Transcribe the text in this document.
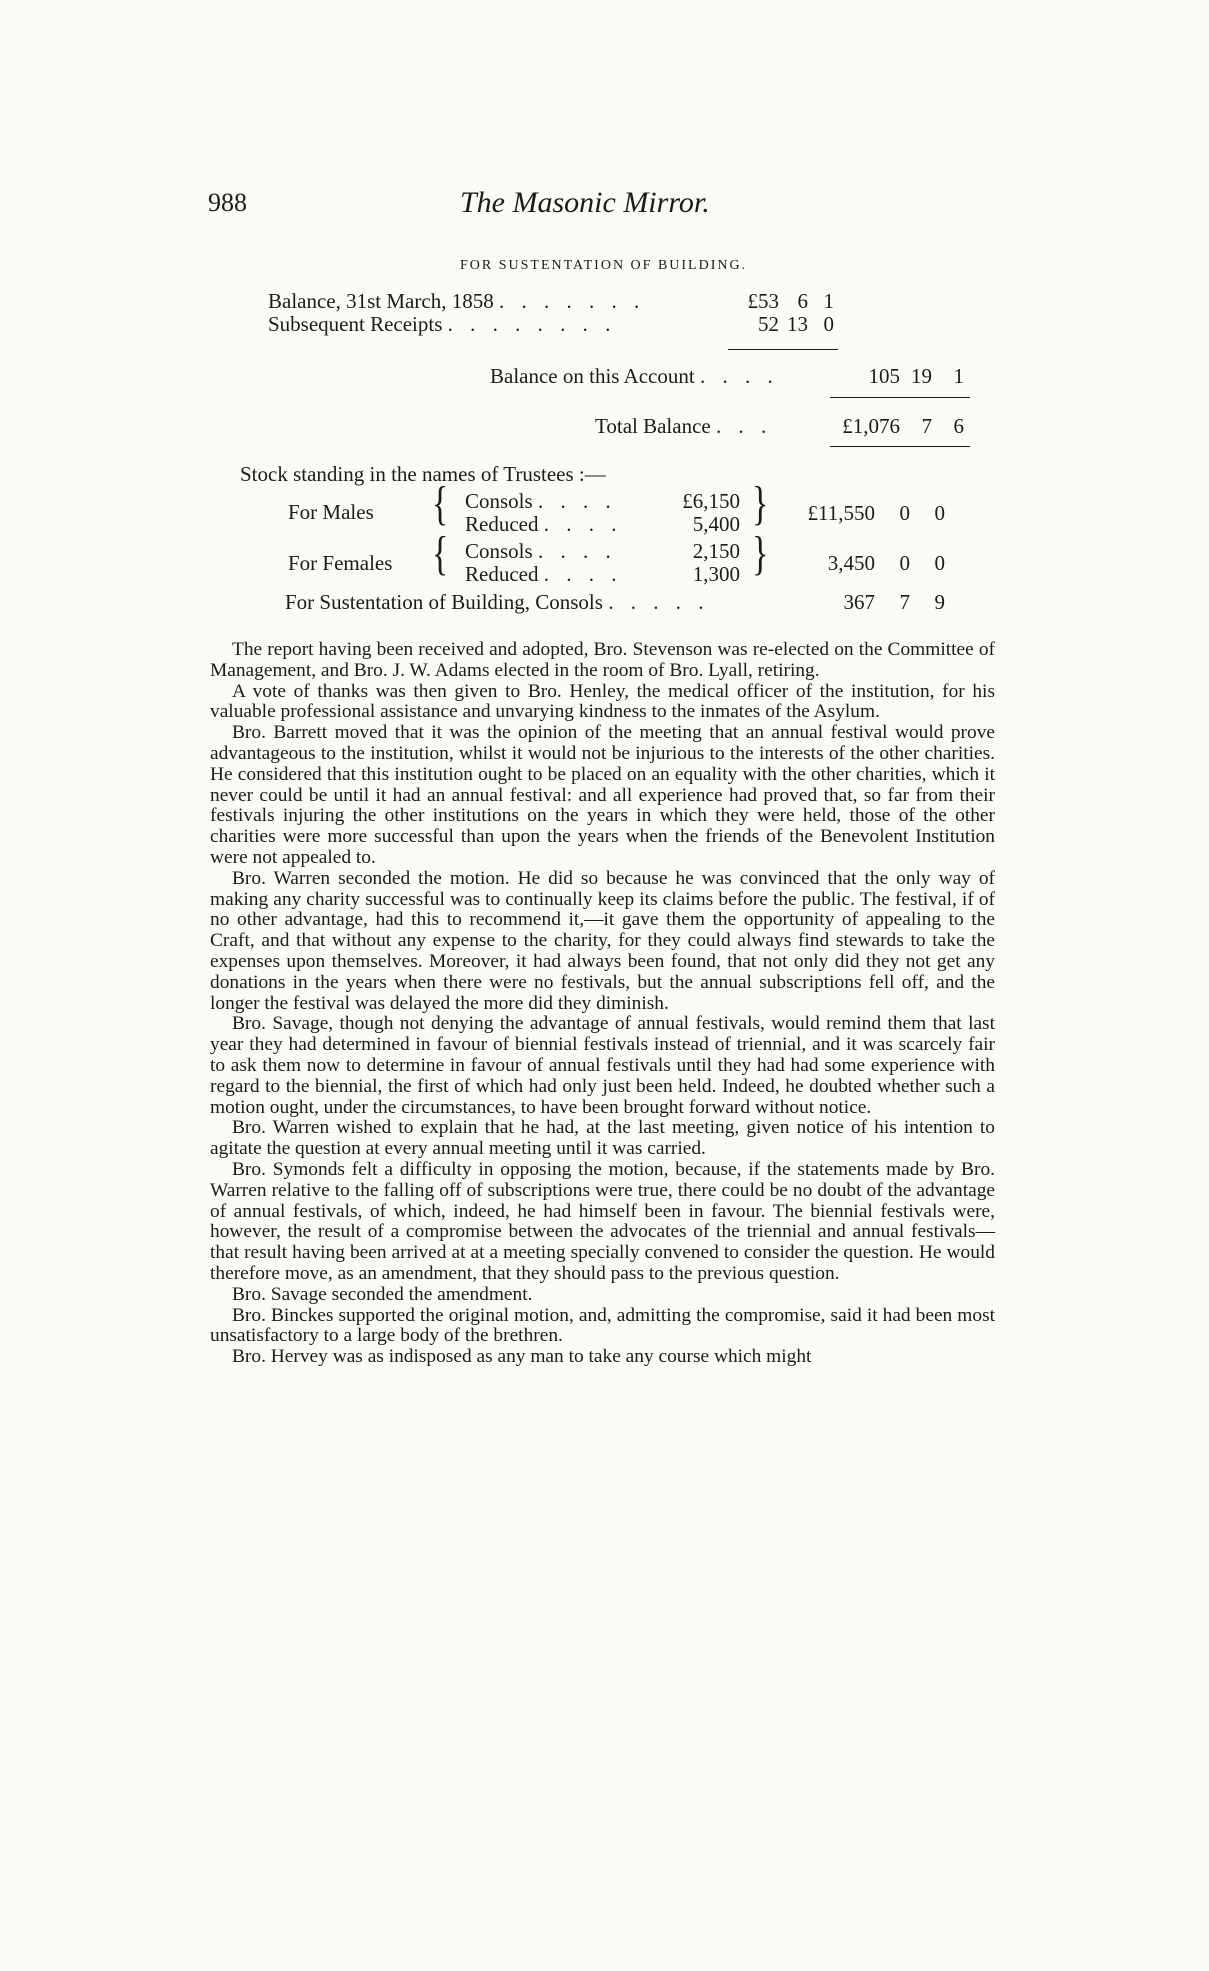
988	The Masonic Mirror.
FOR SUSTENTATION OF BUILDING.
Balance, 31st March, 1858 . . . . . . .	£53 6 1
Subsequent Receipts . . . . . . . .	52 13 0
Balance on this Account . . . .	105 19	1
Total Balance . . .	£1,076	7	6
Stock standing in the names of Trustees :—
For Males { Consols . . . .	£6,150
Reduced . . . .	5,400 }	£11,550	0	0
For Females { Consols . . . .	2,150
Reduced . . . .	1,300 }	3,450	0	0
For Sustentation of Building, Consols . . . . .	367	7	9

The report having been received and adopted, Bro. Stevenson was re-elected on the Committee of Management, and Bro. J. W. Adams elected in the room of Bro. Lyall, retiring.

A vote of thanks was then given to Bro. Henley, the medical officer of the institution, for his valuable professional assistance and unvarying kindness to the inmates of the Asylum.

Bro. Barrett moved that it was the opinion of the meeting that an annual festival would prove advantageous to the institution, whilst it would not be injurious to the interests of the other charities. He considered that this institution ought to be placed on an equality with the other charities, which it never could be until it had an annual festival: and all experience had proved that, so far from their festivals injuring the other institutions on the years in which they were held, those of the other charities were more successful than upon the years when the friends of the Benevolent Institution were not appealed to.

Bro. Warren seconded the motion. He did so because he was convinced that the only way of making any charity successful was to continually keep its claims before the public. The festival, if of no other advantage, had this to recommend it,—it gave them the opportunity of appealing to the Craft, and that without any expense to the charity, for they could always find stewards to take the expenses upon themselves. Moreover, it had always been found, that not only did they not get any donations in the years when there were no festivals, but the annual subscriptions fell off, and the longer the festival was delayed the more did they diminish.

Bro. Savage, though not denying the advantage of annual festivals, would remind them that last year they had determined in favour of biennial festivals instead of triennial, and it was scarcely fair to ask them now to determine in favour of annual festivals until they had had some experience with regard to the biennial, the first of which had only just been held. Indeed, he doubted whether such a motion ought, under the circumstances, to have been brought forward without notice.

Bro. Warren wished to explain that he had, at the last meeting, given notice of his intention to agitate the question at every annual meeting until it was carried.

Bro. Symonds felt a difficulty in opposing the motion, because, if the statements made by Bro. Warren relative to the falling off of subscriptions were true, there could be no doubt of the advantage of annual festivals, of which, indeed, he had himself been in favour. The biennial festivals were, however, the result of a compromise between the advocates of the triennial and annual festivals—that result having been arrived at at a meeting specially convened to consider the question. He would therefore move, as an amendment, that they should pass to the previous question.

Bro. Savage seconded the amendment.

Bro. Binckes supported the original motion, and, admitting the compromise, said it had been most unsatisfactory to a large body of the brethren.

Bro. Hervey was as indisposed as any man to take any course which might
